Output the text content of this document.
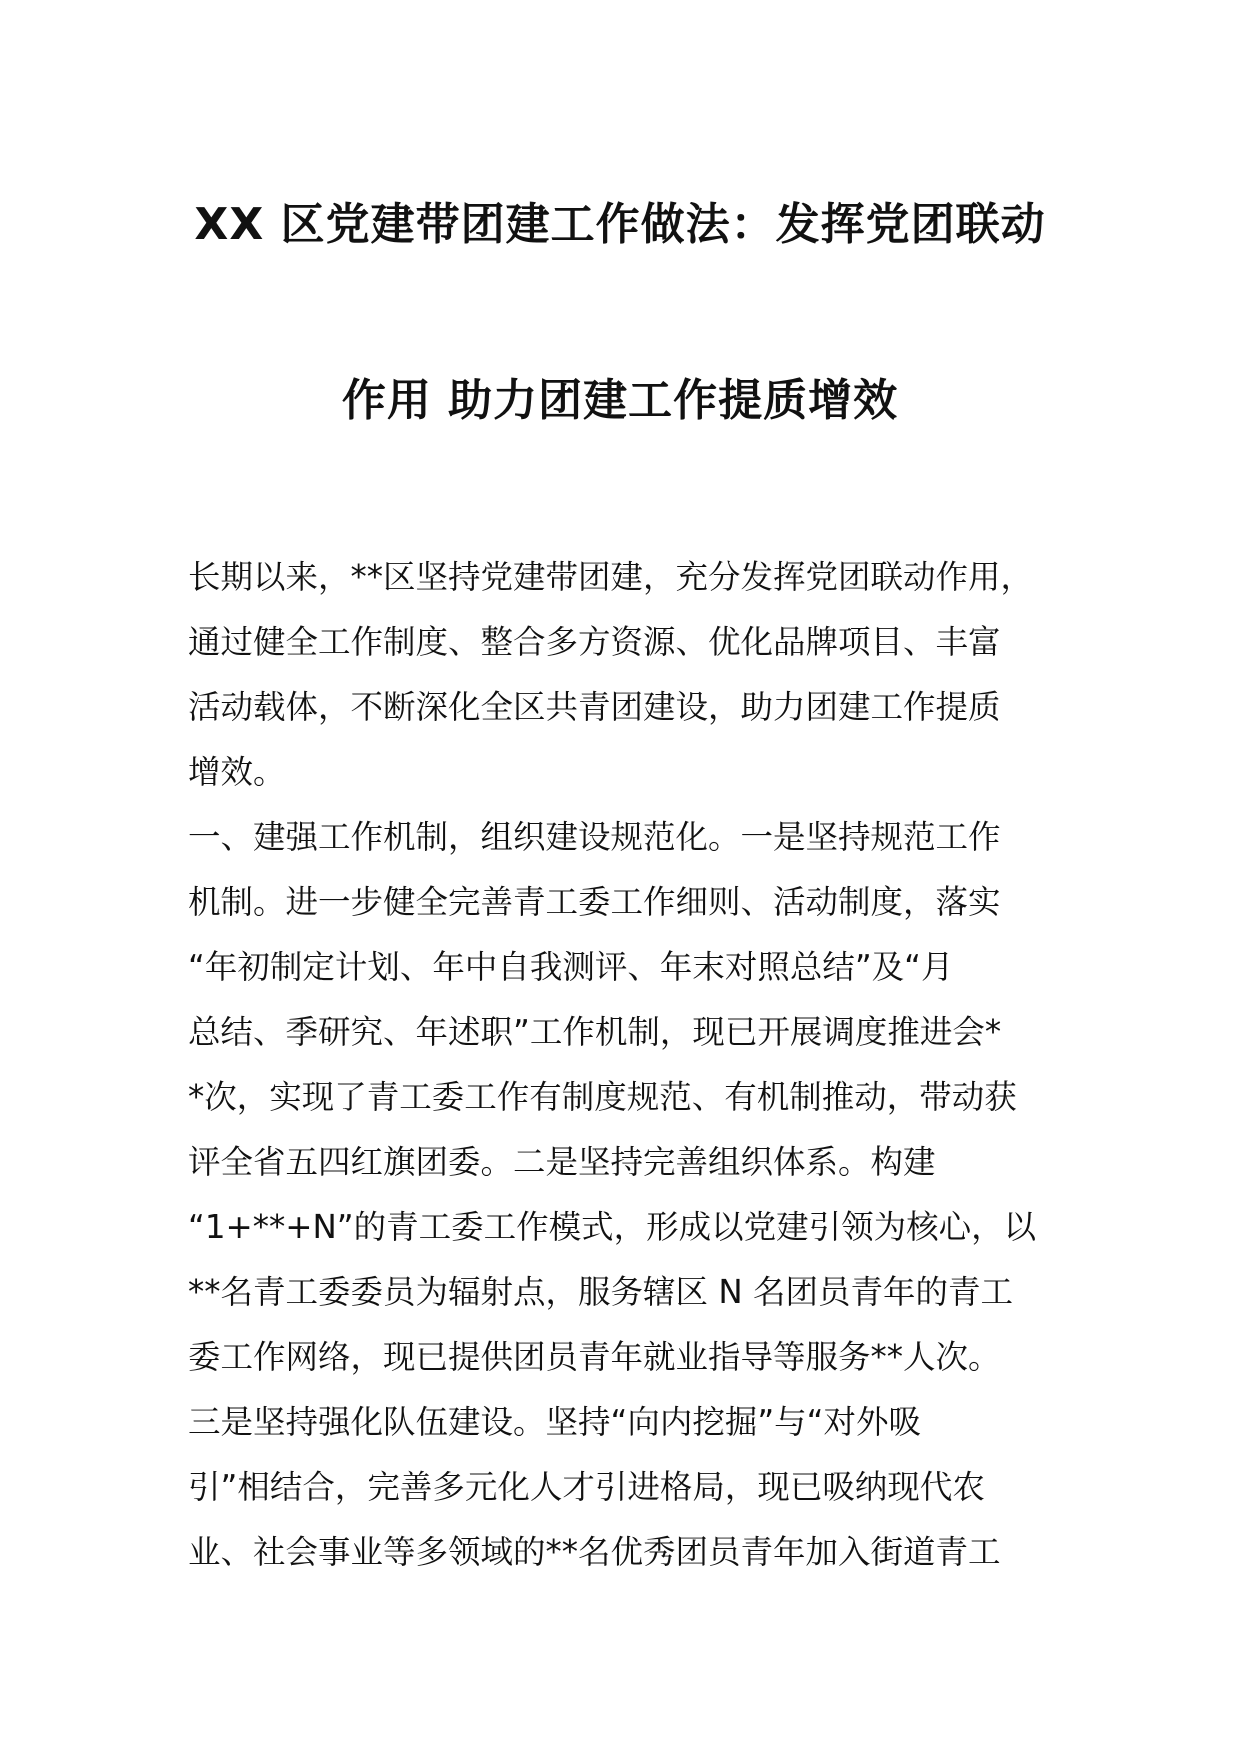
XX 区党建带团建工作做法：发挥党团联动
作用 助力团建工作提质增效
长期以来，**区坚持党建带团建，充分发挥党团联动作用，
通过健全工作制度、整合多方资源、优化品牌项目、丰富
活动载体，不断深化全区共青团建设，助力团建工作提质
增效。
一、建强工作机制，组织建设规范化。一是坚持规范工作
机制。进一步健全完善青工委工作细则、活动制度，落实
“年初制定计划、年中自我测评、年末对照总结”及“月
总结、季研究、年述职”工作机制，现已开展调度推进会*
*次，实现了青工委工作有制度规范、有机制推动，带动获
评全省五四红旗团委。二是坚持完善组织体系。构建
“1+**+N”的青工委工作模式，形成以党建引领为核心，以
**名青工委委员为辐射点，服务辖区 N 名团员青年的青工
委工作网络，现已提供团员青年就业指导等服务**人次。
三是坚持强化队伍建设。坚持“向内挖掘”与“对外吸
引”相结合，完善多元化人才引进格局，现已吸纳现代农
业、社会事业等多领域的**名优秀团员青年加入街道青工
